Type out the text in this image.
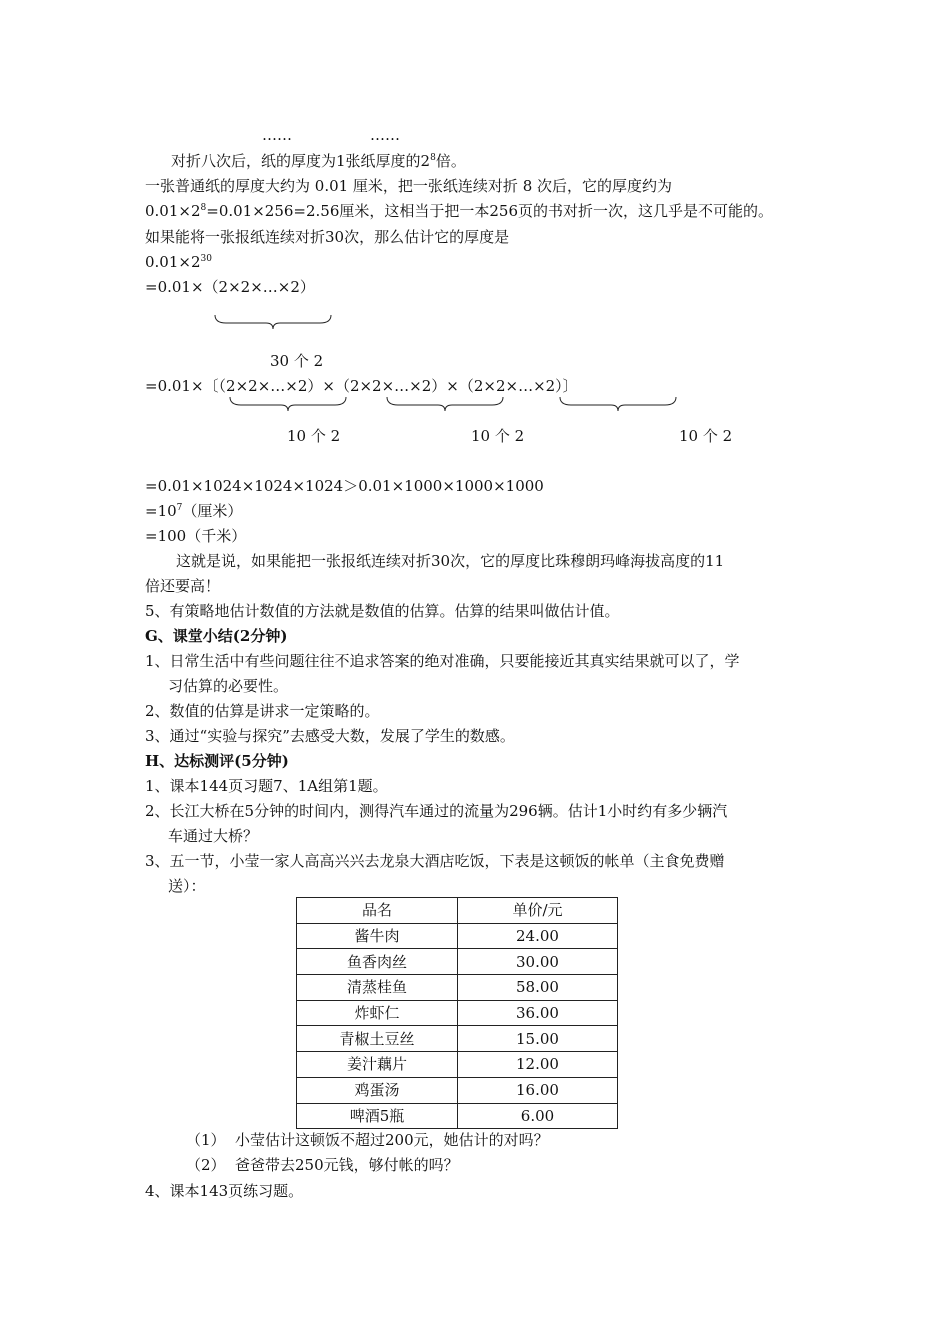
……	……
对折八次后，纸的厚度为1张纸厚度的$2^8$倍。
一张普通纸的厚度大约为 0.01 厘米，把一张纸连续对折 8 次后，它的厚度约为
$0.01\times 2^8=0.01\times 256=2.56$厘米，这相当于把一本256页的书对折一次，这几乎是不可能的。
如果能将一张报纸连续对折30次，那么估计它的厚度是
$0.01\times 2^{30}$
=0.01×（2×2×…×2）
30 个 2
=0.01×〔（2×2×…×2）×（2×2×…×2）×（2×2×…×2）〕
10 个 2	10 个 2	10 个 2
=0.01×1024×1024×1024＞0.01×1000×1000×1000
$=10^7$（厘米）
=100（千米）
这就是说，如果能把一张报纸连续对折30次，它的厚度比珠穆朗玛峰海拔高度的11
倍还要高！
5、有策略地估计数值的方法就是数值的估算。估算的结果叫做估计值。
G、课堂小结(2分钟)
1、日常生活中有些问题往往不追求答案的绝对准确，只要能接近其真实结果就可以了，学
习估算的必要性。
2、数值的估算是讲求一定策略的。
3、通过“实验与探究”去感受大数，发展了学生的数感。
H、达标测评(5分钟)
1、课本144页习题7、1A组第1题。
2、长江大桥在5分钟的时间内，测得汽车通过的流量为296辆。估计1小时约有多少辆汽
车通过大桥？
3、五一节，小莹一家人高高兴兴去龙泉大酒店吃饭，下表是这顿饭的帐单（主食免费赠
送）：
品名	单价/元
酱牛肉	24.00
鱼香肉丝	30.00
清蒸桂鱼	58.00
炸虾仁	36.00
青椒土豆丝	15.00
姜汁藕片	12.00
鸡蛋汤	16.00
啤酒5瓶	6.00
（1） 小莹估计这顿饭不超过200元，她估计的对吗？
（2） 爸爸带去250元钱，够付帐的吗？
4、课本143页练习题。
